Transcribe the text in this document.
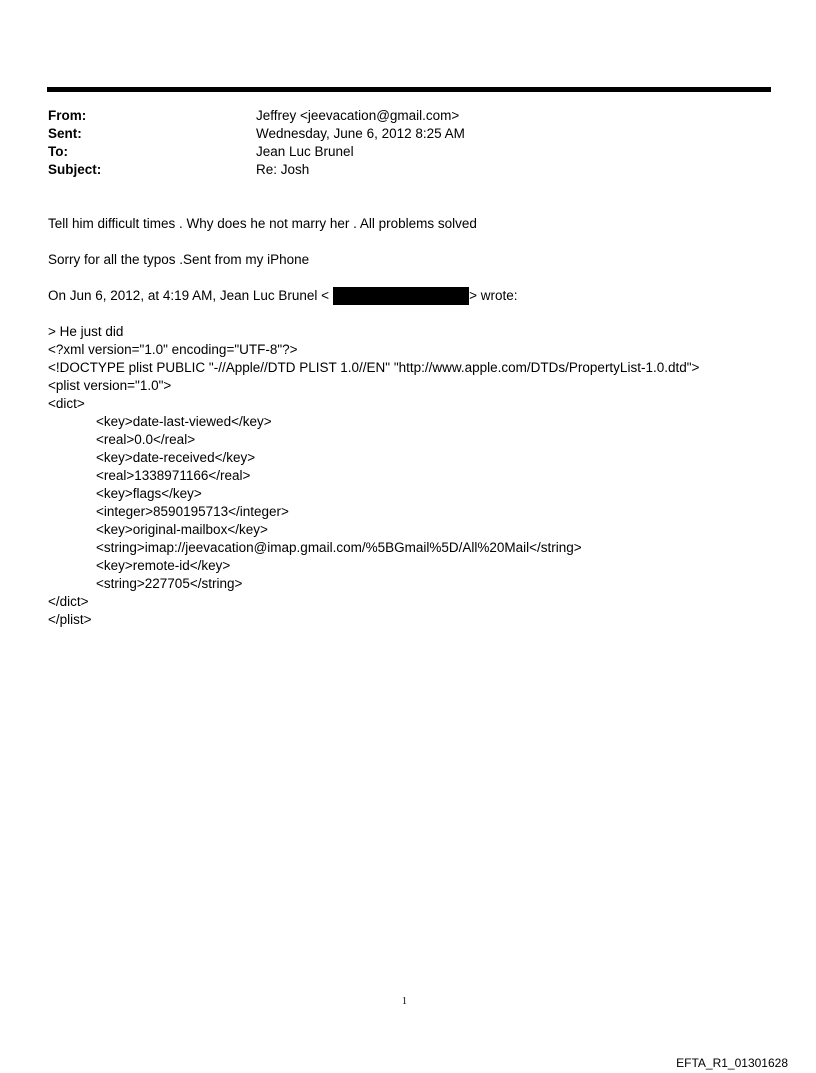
From:	Jeffrey <jeevacation@gmail.com>
Sent:	Wednesday, June 6, 2012 8:25 AM
To:	Jean Luc Brunel
Subject:	Re: Josh
Tell him difficult times . Why does he not marry her . All problems solved
Sorry for all the typos .Sent from my iPhone
On Jun 6, 2012, at 4:19 AM, Jean Luc Brunel <	> wrote:
> He just did
<?xml version="1.0" encoding="UTF-8"?>
<!DOCTYPE plist PUBLIC "-//Apple//DTD PLIST 1.0//EN" "http://www.apple.com/DTDs/PropertyList-1.0.dtd">
<plist version="1.0">
<dict>
<key>date-last-viewed</key>
<real>0.0</real>
<key>date-received</key>
<real>1338971166</real>
<key>flags</key>
<integer>8590195713</integer>
<key>original-mailbox</key>
<string>imap://jeevacation@imap.gmail.com/%5BGmail%5D/All%20Mail</string>
<key>remote-id</key>
<string>227705</string>
</dict>
</plist>
1
EFTA_R1_01301628
